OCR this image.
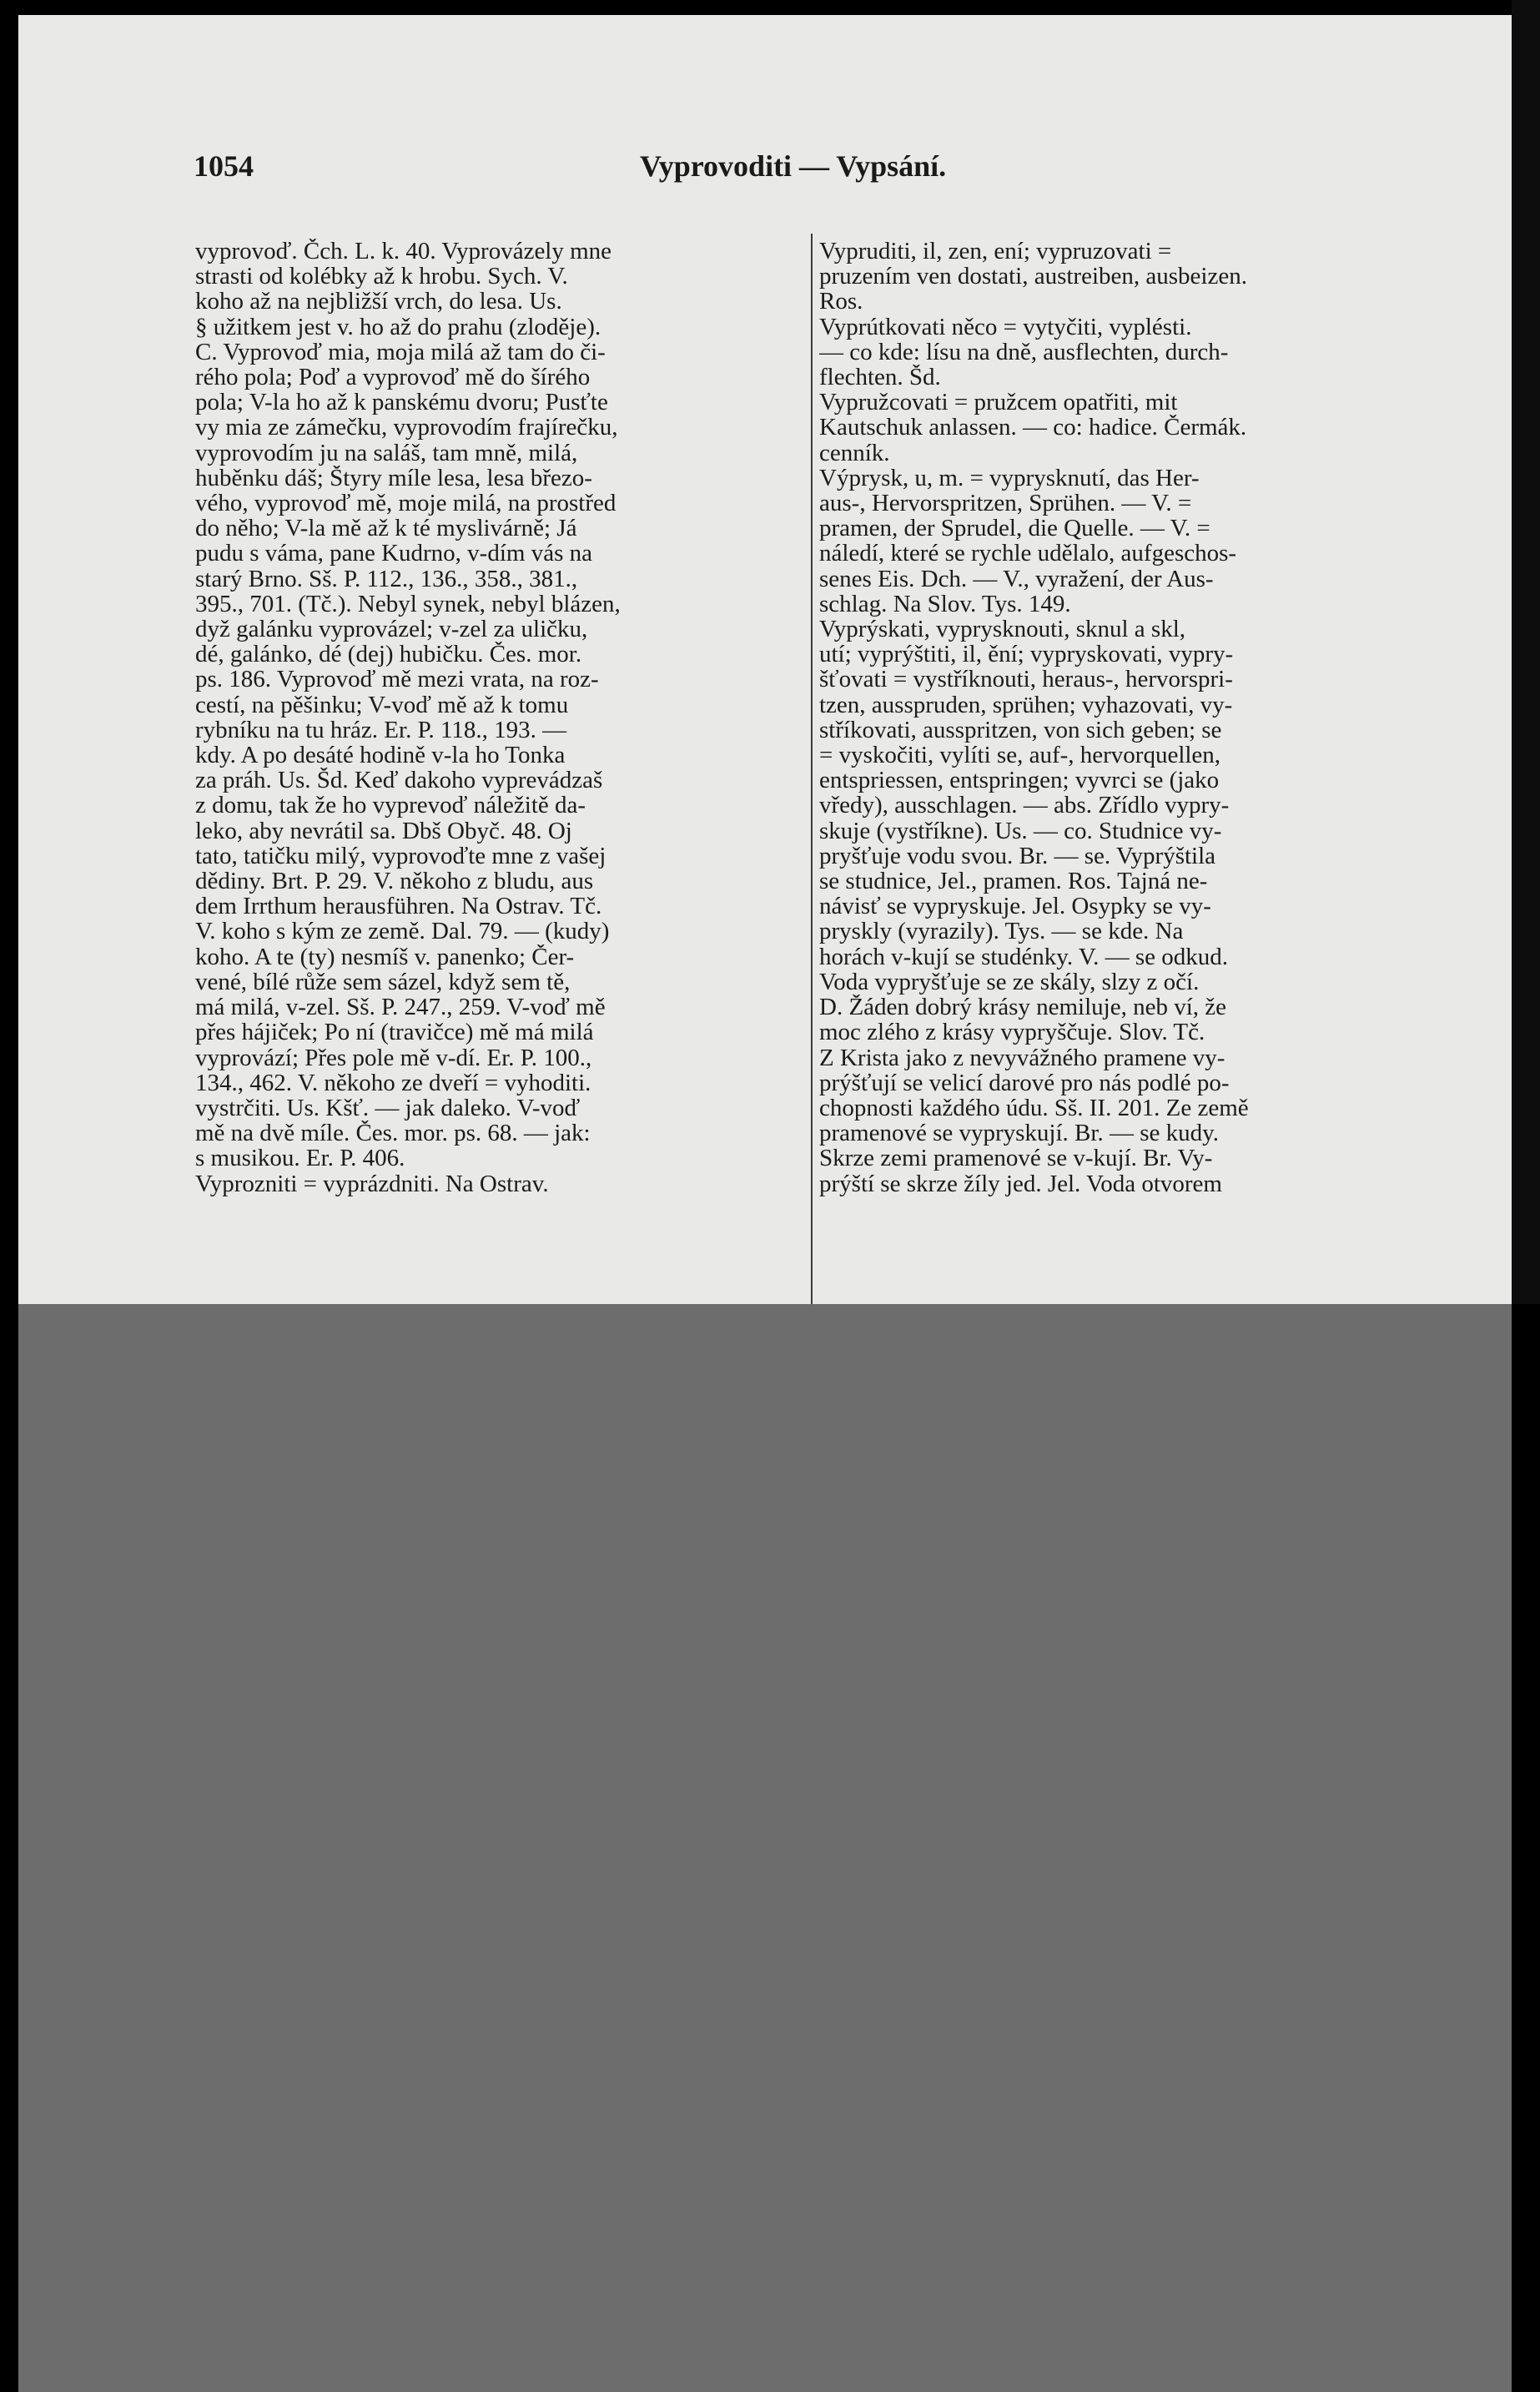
1054	Vyprovoditi — Vypsání.
vyprovoď. Čch. L. k. 40. Vyprovázely mne
strasti od kolébky až k hrobu. Sych. V.
koho až na nejbližší vrch, do lesa. Us.
§ užitkem jest v. ho až do prahu (zloděje).
C. Vyprovoď mia, moja milá až tam do či-
rého pola; Poď a vyprovoď mě do šírého
pola; V-la ho až k panskému dvoru; Pusťte
vy mia ze zámečku, vyprovodím frajírečku,
vyprovodím ju na saláš, tam mně, milá,
huběnku dáš; Štyry míle lesa, lesa březo-
vého, vyprovoď mě, moje milá, na prostřed
do něho; V-la mě až k té myslivárně; Já
pudu s váma, pane Kudrno, v-dím vás na
starý Brno. Sš. P. 112., 136., 358., 381.,
395., 701. (Tč.). Nebyl synek, nebyl blázen,
dyž galánku vyprovázel; v-zel za uličku,
dé, galánko, dé (dej) hubičku. Čes. mor.
ps. 186. Vyprovoď mě mezi vrata, na roz-
cestí, na pěšinku; V-voď mě až k tomu
rybníku na tu hráz. Er. P. 118., 193. —
kdy. A po desáté hodině v-la ho Tonka
za práh. Us. Šd. Keď dakoho vyprevádzaš
z domu, tak že ho vyprevoď náležitě da-
leko, aby nevrátil sa. Dbš Obyč. 48. Oj
tato, tatičku milý, vyprovoďte mne z vašej
dědiny. Brt. P. 29. V. někoho z bludu, aus
dem Irrthum herausführen. Na Ostrav. Tč.
V. koho s kým ze země. Dal. 79. — (kudy)
koho. A te (ty) nesmíš v. panenko; Čer-
vené, bílé růže sem sázel, když sem tě,
má milá, v-zel. Sš. P. 247., 259. V-voď mě
přes hájiček; Po ní (travičce) mě má milá
vyprovází; Přes pole mě v-dí. Er. P. 100.,
134., 462. V. někoho ze dveří = vyhoditi.
vystrčiti. Us. Kšť. — jak daleko. V-voď
mě na dvě míle. Čes. mor. ps. 68. — jak:
s musikou. Er. P. 406.
Vyprozniti = vyprázdniti. Na Ostrav.
Vypruditi, il, zen, ení; vypruzovati =
pruzením ven dostati, austreiben, ausbeizen.
Ros.
Vyprútkovati něco = vytyčiti, vyplésti.
— co kde: lísu na dně, ausflechten, durch-
flechten. Šd.
Vypružcovati = pružcem opatřiti, mit
Kautschuk anlassen. — co: hadice. Čermák.
cenník.
Výprysk, u, m. = vyprysknutí, das Her-
aus-, Hervorspritzen, Sprühen. — V. =
pramen, der Sprudel, die Quelle. — V. =
náledí, které se rychle udělalo, aufgeschos-
senes Eis. Dch. — V., vyražení, der Aus-
schlag. Na Slov. Tys. 149.
Vyprýskati, vyprysknouti, sknul a skl,
utí; vyprýštiti, il, ění; vypryskovati, vypry-
šťovati = vystříknouti, heraus-, hervorspri-
tzen, ausspruden, sprühen; vyhazovati, vy-
stříkovati, ausspritzen, von sich geben; se
= vyskočiti, vylíti se, auf-, hervorquellen,
entspriessen, entspringen; vyvrci se (jako
vředy), ausschlagen. — abs. Zřídlo vypry-
skuje (vystříkne). Us. — co. Studnice vy-
pryšťuje vodu svou. Br. — se. Vyprýštila
se studnice, Jel., pramen. Ros. Tajná ne-
návisť se vypryskuje. Jel. Osypky se vy-
pryskly (vyrazily). Tys. — se kde. Na
horách v-kují se studénky. V. — se odkud.
Voda vypryšťuje se ze skály, slzy z očí.
D. Žáden dobrý krásy nemiluje, neb ví, že
moc zlého z krásy vypryščuje. Slov. Tč.
Z Krista jako z nevyvážného pramene vy-
prýšťují se velicí darové pro nás podlé po-
chopnosti každého údu. Sš. II. 201. Ze země
pramenové se vypryskují. Br. — se kudy.
Skrze zemi pramenové se v-kují. Br. Vy-
prýští se skrze žíly jed. Jel. Voda otvorem
